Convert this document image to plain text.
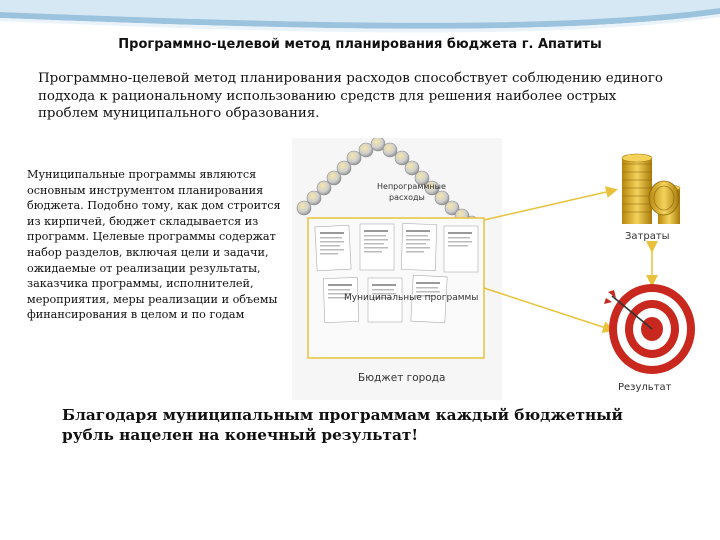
Программно-целевой метод планирования бюджета г. Апатиты
Программно-целевой метод планирования расходов способствует соблюдению единого подхода к рациональному использованию средств для решения наиболее острых проблем муниципального образования.
Муниципальные программы являются основным инструментом планирования бюджета. Подобно тому, как дом строится из кирпичей, бюджет складывается из программ. Целевые программы содержат набор разделов, включая цели и задачи, ожидаемые от реализации результаты, заказчика программы, исполнителей, мероприятия, меры реализации и объемы финансирования в целом и по годам
Непрограммные
расходы
Муниципальные программы
Бюджет города
Затраты
Результат
Благодаря муниципальным программам каждый бюджетный
рубль нацелен на конечный результат!
